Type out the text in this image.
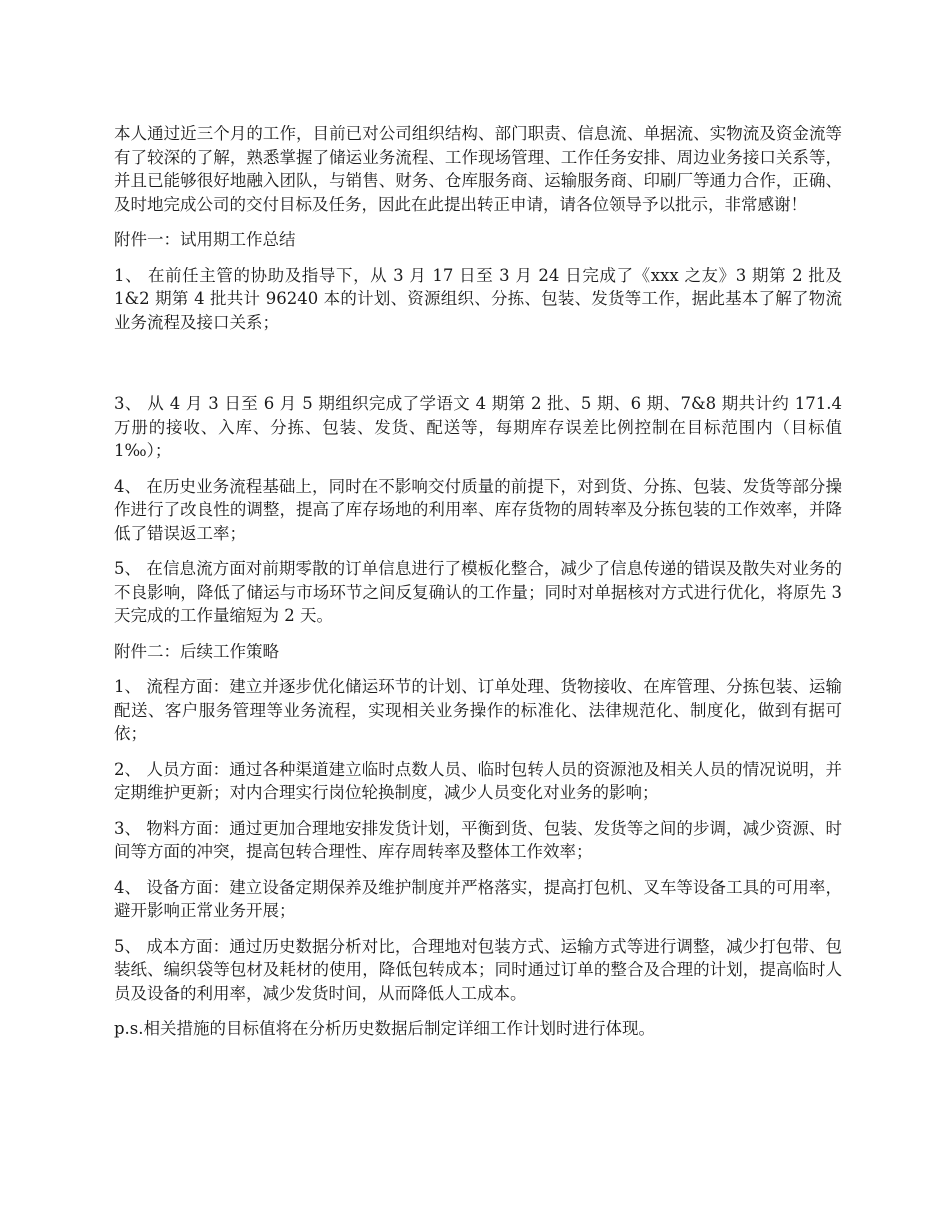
本人通过近三个月的工作，目前已对公司组织结构、部门职责、信息流、单据流、实物流及资金流等有了较深的了解，熟悉掌握了储运业务流程、工作现场管理、工作任务安排、周边业务接口关系等，并且已能够很好地融入团队，与销售、财务、仓库服务商、运输服务商、印刷厂等通力合作，正确、及时地完成公司的交付目标及任务，因此在此提出转正申请，请各位领导予以批示，非常感谢！

附件一：试用期工作总结

1、 在前任主管的协助及指导下，从 3 月 17 日至 3 月 24 日完成了《xxx 之友》3 期第 2 批及 1&2 期第 4 批共计 96240 本的计划、资源组织、分拣、包装、发货等工作，据此基本了解了物流业务流程及接口关系；

3、 从 4 月 3 日至 6 月 5 期组织完成了学语文 4 期第 2 批、5 期、6 期、7&8 期共计约 171.4 万册的接收、入库、分拣、包装、发货、配送等，每期库存误差比例控制在目标范围内（目标值 1‰）；

4、 在历史业务流程基础上，同时在不影响交付质量的前提下，对到货、分拣、包装、发货等部分操作进行了改良性的调整，提高了库存场地的利用率、库存货物的周转率及分拣包装的工作效率，并降低了错误返工率；

5、 在信息流方面对前期零散的订单信息进行了模板化整合，减少了信息传递的错误及散失对业务的不良影响，降低了储运与市场环节之间反复确认的工作量；同时对单据核对方式进行优化，将原先 3 天完成的工作量缩短为 2 天。

附件二：后续工作策略

1、 流程方面：建立并逐步优化储运环节的计划、订单处理、货物接收、在库管理、分拣包装、运输配送、客户服务管理等业务流程，实现相关业务操作的标准化、法律规范化、制度化，做到有据可依；

2、 人员方面：通过各种渠道建立临时点数人员、临时包转人员的资源池及相关人员的情况说明，并定期维护更新；对内合理实行岗位轮换制度，减少人员变化对业务的影响；

3、 物料方面：通过更加合理地安排发货计划，平衡到货、包装、发货等之间的步调，减少资源、时间等方面的冲突，提高包转合理性、库存周转率及整体工作效率；

4、 设备方面：建立设备定期保养及维护制度并严格落实，提高打包机、叉车等设备工具的可用率，避开影响正常业务开展；

5、 成本方面：通过历史数据分析对比，合理地对包装方式、运输方式等进行调整，减少打包带、包装纸、编织袋等包材及耗材的使用，降低包转成本；同时通过订单的整合及合理的计划，提高临时人员及设备的利用率，减少发货时间，从而降低人工成本。

p.s.相关措施的目标值将在分析历史数据后制定详细工作计划时进行体现。
